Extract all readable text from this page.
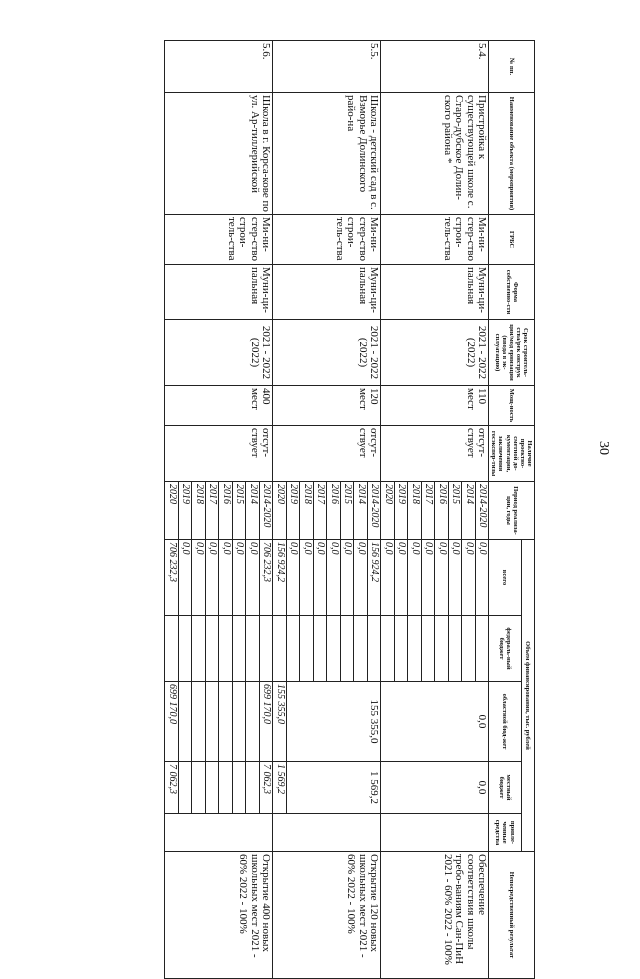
30
№ пп.	Наименование объекта (мероприятия)	ГРБС	Форма собственно-сти	Срок строитель-ства/рек онструк ции/мод ернизации (ввода в эк-сплуатацию)	Мощ-ность	Наличие проектно-сметной до-кументации, заключения госэкспер-тизы	Период реализа-ции, годы	Объем финансирования, тыс. рублей					Непосредственный результат
								всего	федераль-ный бюджет	областной бюд-жет	местный бюджет	привле-ченные средства	
5.4.	Пристройка к существующей школе с. Старо-дубское Долин-ского района *	Ми-ни-стер-ство строи-тель-ства	Муни-ци-пальная	2021 - 2022 (2022)	110 мест	отсут-ствует	2014-2020	0,0		0,0	0,0		Обеспечение соответствия школы требо-ваниям Сан-ПиН 2021 - 60% 2022 - 100%
							2014	0,0					
							2015	0,0					
							2016	0,0					
							2017	0,0					
							2018	0,0					
							2019	0,0					
							2020	0,0					
5.5.	Школа - детский сад в с. Взморье Долинского райо-на	Ми-ни-стер-ство строи-тель-ства	Муни-ци-пальная	2021 - 2022 (2022)	120 мест	отсут-ствует	2014-2020	156 924,2		155 355,0	1 569,2		Открытие 120 новых школьных мест 2021 - 60% 2022 - 100%
							2014	0,0					
							2015	0,0					
							2016	0,0					
							2017	0,0					
							2018	0,0					
							2019	0,0					
							2020	156 924,2		155 355,0	1 569,2		
5.6.	Школа в г. Корса-кове по ул. Ар-тиллерийской	Ми-ни-стер-ство строи-тель-ства	Муни-ци-пальная	2021 - 2022 (2022)	400 мест	отсут-ствует	2014-2020	706 232,3		699 170,0	7 062,3		Открытие 400 новых школьных мест 2021 - 60% 2022 - 100%
							2014	0,0					
							2015	0,0					
							2016	0,0					
							2017	0,0					
							2018	0,0					
							2019	0,0					
							2020	706 232,3		699 170,0	7 062,3		
